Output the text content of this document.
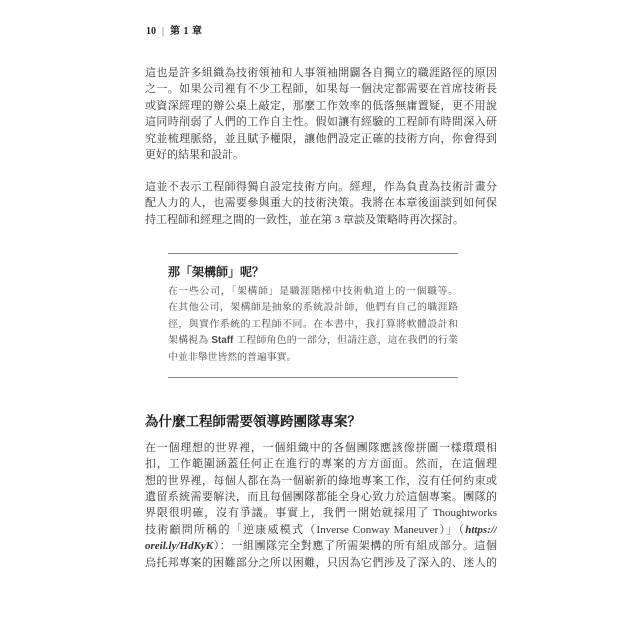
10 | 第 1 章
這也是許多組織為技術領袖和人事領袖開闢各自獨立的職涯路徑的原因
之一。如果公司裡有不少工程師，如果每一個決定都需要在首席技術長
或資深經理的辦公桌上敲定，那麼工作效率的低落無庸置疑，更不用說
這同時削弱了人們的工作自主性。假如讓有經驗的工程師有時間深入研
究並梳理脈絡，並且賦予權限，讓他們設定正確的技術方向，你會得到
更好的結果和設計。
這並不表示工程師得獨自設定技術方向。經理，作為負責為技術計畫分
配人力的人，也需要參與重大的技術決策。我將在本章後面談到如何保
持工程師和經理之間的一致性，並在第 3 章談及策略時再次探討。
那「架構師」呢？
在一些公司，「架構師」是職涯階梯中技術軌道上的一個職等。
在其他公司，架構師是抽象的系統設計師，他們有自己的職涯路
徑，與實作系統的工程師不同。在本書中，我打算將軟體設計和
架構視為 Staff 工程師角色的一部分，但請注意，這在我們的行業
中並非舉世皆然的普遍事實。
為什麼工程師需要領導跨團隊專案？
在一個理想的世界裡，一個組織中的各個團隊應該像拼圖一樣環環相
扣，工作範圍涵蓋任何正在進行的專案的方方面面。然而，在這個理
想的世界裡，每個人都在為一個嶄新的綠地專案工作，沒有任何約束或
遺留系統需要解決，而且每個團隊都能全身心致力於這個專案。團隊的
界限很明確，沒有爭議。事實上，我們一開始就採用了 Thoughtworks
技術顧問所稱的「逆康威模式（Inverse Conway Maneuver）」（https://
oreil.ly/HdKyK）：一組團隊完全對應了所需架構的所有組成部分。這個
烏托邦專案的困難部分之所以困難，只因為它們涉及了深入的、迷人的
